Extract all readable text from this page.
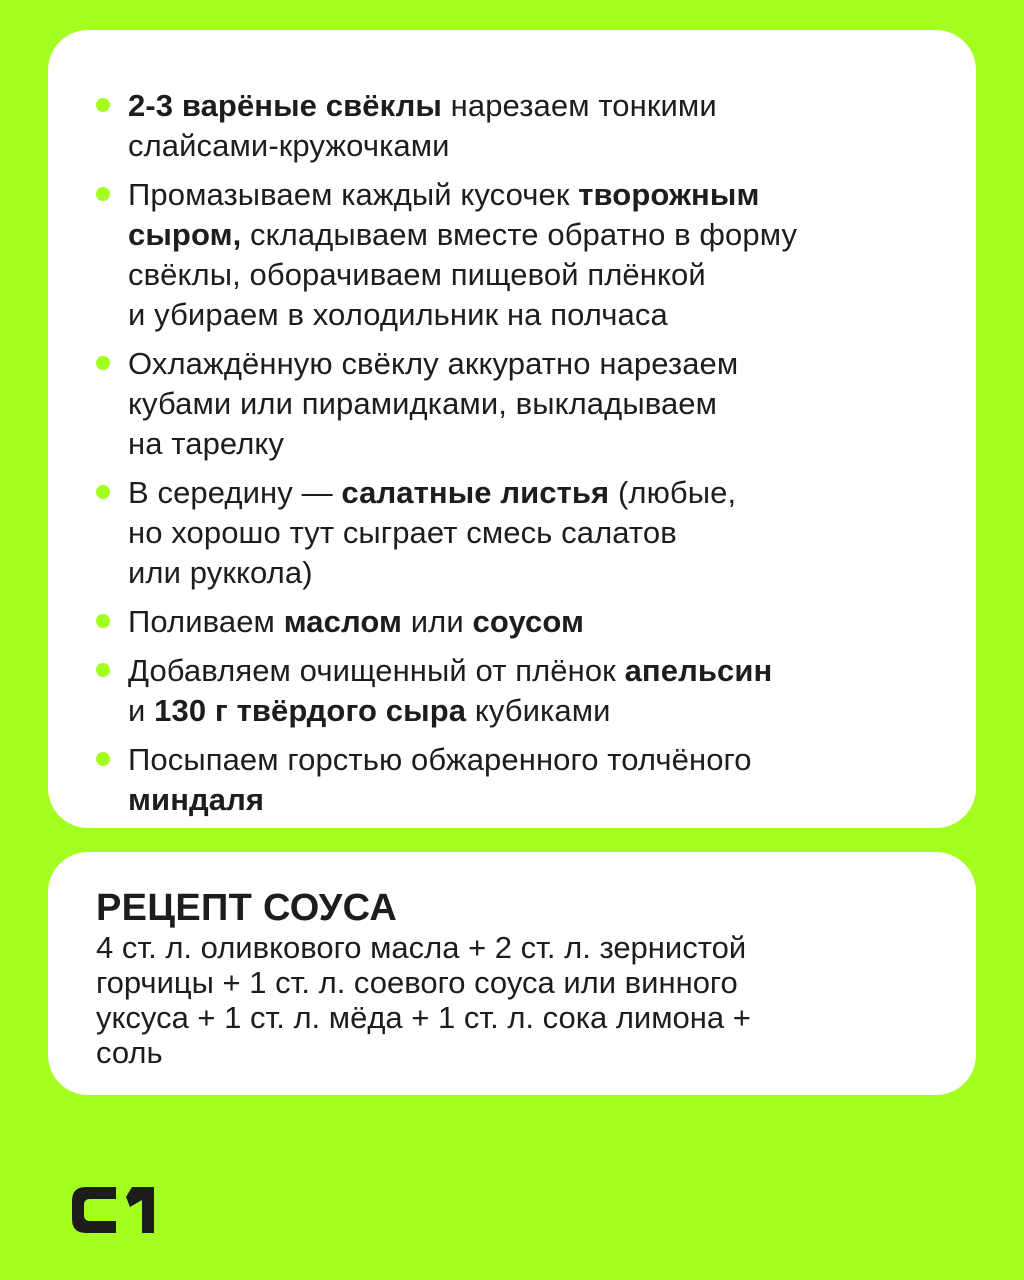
2-3 варёные свёклы нарезаем тонкими
слайсами-кружочками
Промазываем каждый кусочек творожным
сыром, складываем вместе обратно в форму
свёклы, оборачиваем пищевой плёнкой
и убираем в холодильник на полчаса
Охлаждённую свёклу аккуратно нарезаем
кубами или пирамидками, выкладываем
на тарелку
В середину — салатные листья (любые,
но хорошо тут сыграет смесь салатов
или руккола)
Поливаем маслом или соусом
Добавляем очищенный от плёнок апельсин
и 130 г твёрдого сыра кубиками
Посыпаем горстью обжаренного толчёного
миндаля
РЕЦЕПТ СОУСА

4 ст. л. оливкового масла + 2 ст. л. зернистой
горчицы + 1 ст. л. соевого соуса или винного
уксуса + 1 ст. л. мёда + 1 ст. л. сока лимона +
соль
